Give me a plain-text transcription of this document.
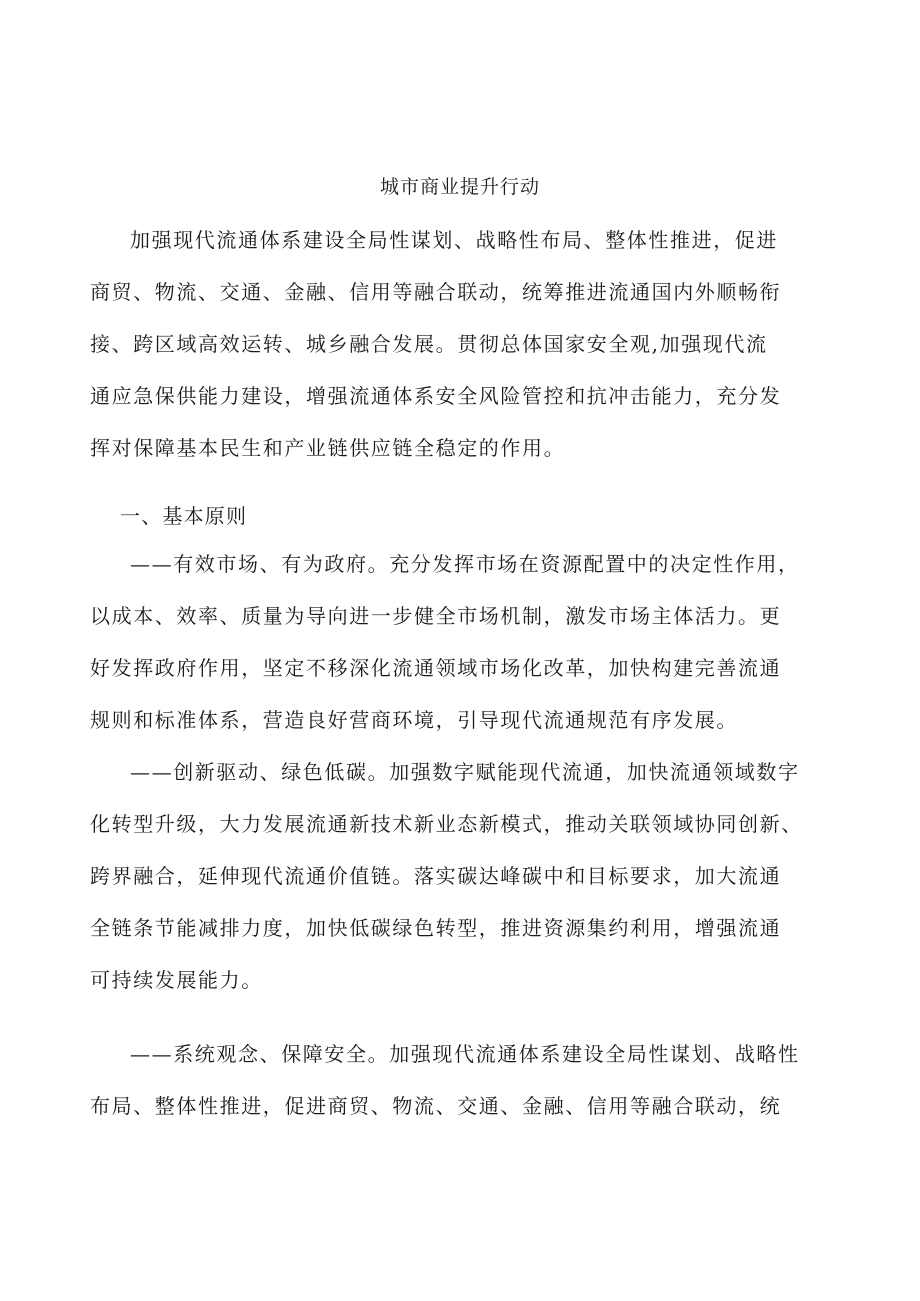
城市商业提升行动

加强现代流通体系建设全局性谋划、战略性布局、整体性推进，促进

商贸、物流、交通、金融、信用等融合联动，统筹推进流通国内外顺畅衔

接、跨区域高效运转、城乡融合发展。贯彻总体国家安全观,加强现代流

通应急保供能力建设，增强流通体系安全风险管控和抗冲击能力，充分发

挥对保障基本民生和产业链供应链全稳定的作用。

一、基本原则

——有效市场、有为政府。充分发挥市场在资源配置中的决定性作用，

以成本、效率、质量为导向进一步健全市场机制，激发市场主体活力。更

好发挥政府作用，坚定不移深化流通领域市场化改革，加快构建完善流通

规则和标准体系，营造良好营商环境，引导现代流通规范有序发展。

——创新驱动、绿色低碳。加强数字赋能现代流通，加快流通领域数字

化转型升级，大力发展流通新技术新业态新模式，推动关联领域协同创新、

跨界融合，延伸现代流通价值链。落实碳达峰碳中和目标要求，加大流通

全链条节能减排力度，加快低碳绿色转型，推进资源集约利用，增强流通

可持续发展能力。

——系统观念、保障安全。加强现代流通体系建设全局性谋划、战略性

布局、整体性推进，促进商贸、物流、交通、金融、信用等融合联动，统
